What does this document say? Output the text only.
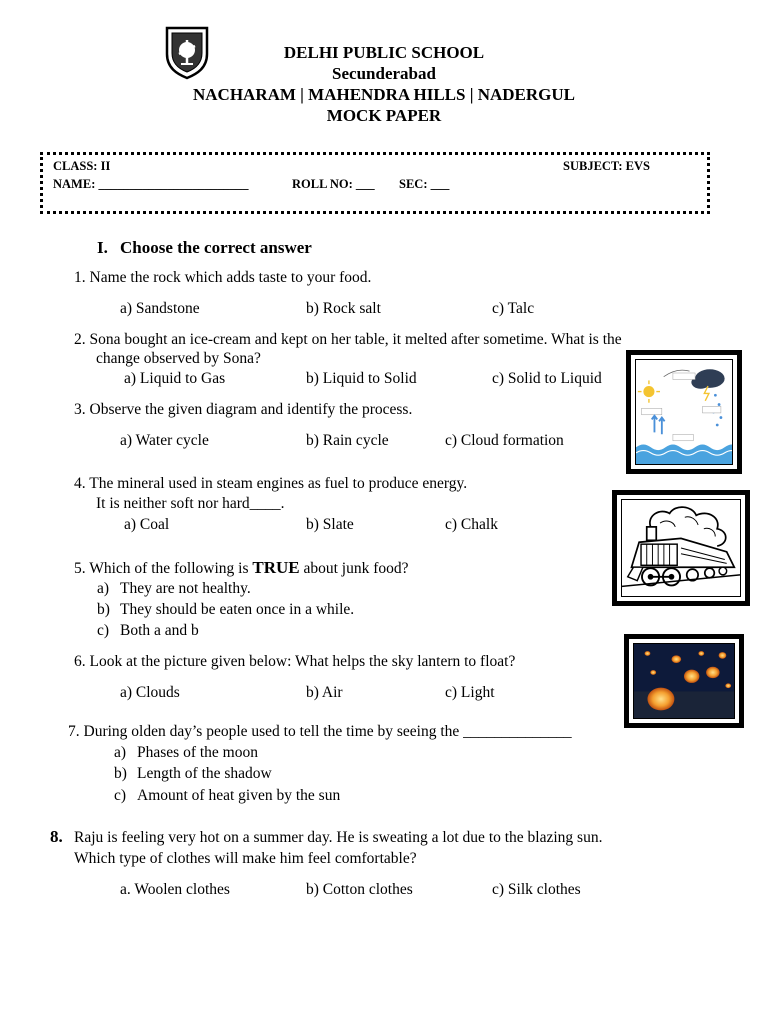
DELHI PUBLIC SCHOOL
Secunderabad
NACHARAM | MAHENDRA HILLS | NADERGUL
MOCK PAPER
CLASS: II	SUBJECT: EVS
NAME: ________________________	ROLL NO: ___ SEC: ___
I. Choose the correct answer
1. Name the rock which adds taste to your food.
a) Sandstone	b) Rock salt	c) Talc
2. Sona bought an ice-cream and kept on her table, it melted after sometime. What is the
change observed by Sona?
a) Liquid to Gas	b) Liquid to Solid	c) Solid to Liquid
3. Observe the given diagram and identify the process.
a) Water cycle	b) Rain cycle	c) Cloud formation
4. The mineral used in steam engines as fuel to produce energy.
It is neither soft nor hard____.
a) Coal	b) Slate	c) Chalk
5. Which of the following is TRUE about junk food?
a) They are not healthy.
b) They should be eaten once in a while.
c) Both a and b
6. Look at the picture given below: What helps the sky lantern to float?
a) Clouds	b) Air	c) Light
7. During olden day’s people used to tell the time by seeing the ______________
a) Phases of the moon
b) Length of the shadow
c) Amount of heat given by the sun
8. Raju is feeling very hot on a summer day. He is sweating a lot due to the blazing sun.
Which type of clothes will make him feel comfortable?
a. Woolen clothes	b) Cotton clothes	c) Silk clothes
